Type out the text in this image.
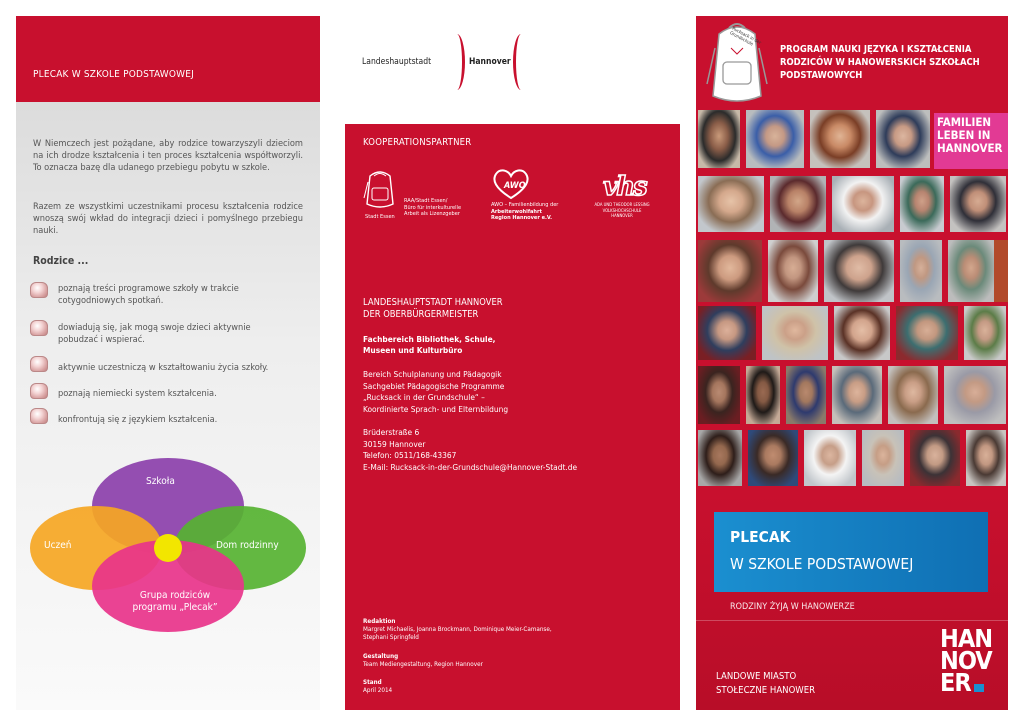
PLECAK W SZKOLE PODSTAWOWEJ
W Niemczech jest pożądane, aby rodzice towarzyszyli dzieciom na ich drodze kształcenia i ten proces kształcenia współtworzyli. To oznacza bazę dla udanego przebiegu pobytu w szkole.
Razem ze wszystkimi uczestnikami procesu kształcenia rodzice wnoszą swój wkład do integracji dzieci i pomyślnego przebiegu nauki.
Rodzice ...
poznają treści programowe szkoły w trakcie cotygodniowych spotkań.
dowiadują się, jak mogą swoje dzieci aktywnie pobudzać i wspierać.
aktywnie uczestniczą w kształtowaniu życia szkoły.
poznają niemiecki system kształcenia.
konfrontują się z językiem kształcenia.
Szkoła
Uczeń	Dom rodzinny
Grupa rodziców
programu „Plecak”
Landeshauptstadt	Hannover
KOOPERATIONSPARTNER
Stadt Essen
RAA/Stadt Essen/
Büro für interkulturelle
Arbeit als Lizenzgeber
AWO
AWO – Familienbildung der
Arbeiterwohlfahrt
Region Hannover e.V.
vhs
ADA UND THEODOR LESSING
VOLKSHOCHSCHULE
HANNOVER
LANDESHAUPTSTADT HANNOVER
DER OBERBÜRGERMEISTER
Fachbereich Bibliothek, Schule,
Museen und Kulturbüro
Bereich Schulplanung und Pädagogik
Sachgebiet Pädagogische Programme
„Rucksack in der Grundschule“ –
Koordinierte Sprach- und Elternbildung
Brüderstraße 6
30159 Hannover
Telefon: 0511/168-43367
E-Mail: Rucksack-in-der-Grundschule@Hannover-Stadt.de
Redaktion
Margret Michaelis, Joanna Brockmann, Dominique Meier-Camanse,
Stephani Springfeld
Gestaltung
Team Mediengestaltung, Region Hannover
Stand
April 2014
Rucksack in der Grundschule
PROGRAM NAUKI JĘZYKA I KSZTAŁCENIA
RODZICÓW W HANOWERSKICH SZKOŁACH
PODSTAWOWYCH
FAMILIEN
LEBEN IN
HANNOVER
PLECAK
W SZKOLE PODSTAWOWEJ
RODZINY ŻYJĄ W HANOWERZE
LANDOWE MIASTO
STOŁECZNE HANOWER
HAN
NOV
ER
